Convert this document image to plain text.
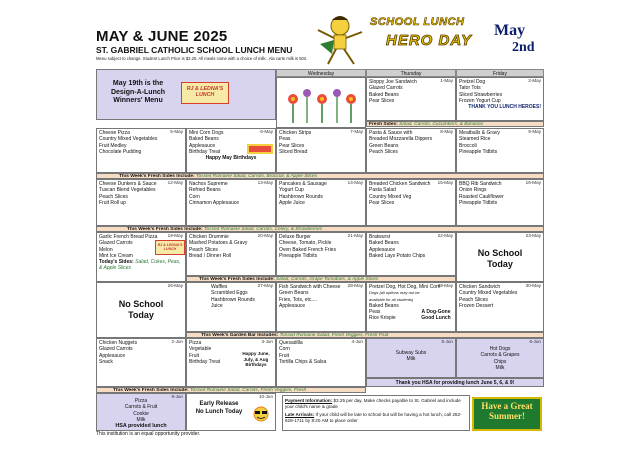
MAY & JUNE 2025
ST. GABRIEL CATHOLIC SCHOOL LUNCH MENU
Menu subject to change. Student Lunch Price is $3.25. All meals come with a choice of milk.. Ala carte milk is 50¢.
SCHOOL LUNCH
HERO DAY
May
2nd
Wednesday	Thursday	Friday
May 19th is the Design-A-Lunch Winners' Menu
RJ & LEDNA'S LUNCH
1-May
Sloppy Joe Sandwich
Glazed Carrots
Baked Beans
Pear Slices
2-May
Pretzel Dog
Tator Tots
Sliced Strawberries
Frozen Yogurt Cup
THANK YOU LUNCH HEROES!
Fresh Sides: Salad, Carrots, Cucumbers, & Bananas
5-May
Cheese Pizza
Country Mixed Vegetables
Fruit Medley
Chocolate Pudding
6-May
Mini Corn Dogs
Baked Beans
Applesauce
Birthday Treat
Happy May Birthdays
7-May
Chicken Strips
Peas
Pear Slices
Sliced Bread
8-May
Pasta & Sauce with
Breaded Mozzarella Dippers
Green Beans
Peach Slices
9-May
Meatballs & Gravy
Steamed Rice
Broccoli
Pineapple Tidbits
This Week's Fresh Sides Include: Tossed Romaine Salad, Carrots, Broccoli, & Apple Slices
12-May
Cheese Dunkers & Sauce
Tuscan Blend Vegetables
Peach Slices
Fruit Roll up
13-May
Nachos Supreme
Refried Beans
Corn
Cinnamon Applesauce
14-May
Pancakes & Sausage
Yogurt Cup
Hashbrown Rounds
Apple Juice
15-May
Breaded Chicken Sandwich
Pasta Salad
Country Mixed Veg
Pear Slices
16-May
BBQ Rib Sandwich
Onion Rings
Roasted Cauliflower
Pineapple Tidbits
This Week's Fresh Sides Include: Tossed Romaine Salad, Carrots, Celery, & Strawberries
19-May
Garlic French Bread Pizza
Glazed Carrots
Melon
Mint Ice Cream
Today's Sides: Salad, Cukes, Peas, & Apple Slices
RJ & LEDNA'S LUNCH
20-May
Chicken Drummie
Mashed Potatoes & Gravy
Peach Slices
Bread / Dinner Roll
21-May
Deluxe Burger
Cheese, Tomato, Pickle
Oven Baked French Fries
Pineapple Tidbits
22-May
Bratwurst
Baked Beans
Applesauce
Baked Lays Potato Chips
23-May
No School Today
This Week's Fresh Sides Include: Salad, Carrots, Grape Tomatoes, & Apple Slices
26-May
No School Today
27-May
Waffles
Scrambled Eggs
Hashbrown Rounds
Juice
28-May
Fish Sandwich with Cheese
Green Beans
Fries, Tots, etc....
Applesauce
29-May
Pretzel Dog, Hot Dog, Mini Corn
Dogs (all options may not be
available for all students)
Baked Beans
Peas
Rice Krispie
A Dog-Gone Good Lunch
30-May
Chicken Sandwich
Country Mixed Vegetables
Peach Slices
Frozen Dessert
This Week's Garden Bar Includes: Tossed Romaine Salad, Fresh Veggies, Fresh Fruit
2-Jun
Chicken Nuggets
Glazed Carrots
Applesauce
Snack
3-Jun
Pizza
Vegetable
Fruit
Birthday Treat
Happy June, July, & Aug Birthdays
4-Jun
Quesadilla
Corn
Fruit
Tortilla Chips & Salsa
5-Jun
Subway Subs
Milk
6-Jun
Hot Dogs
Carrots & Grapes
Chips
Milk
Thank you HSA for providing lunch June 5, 6, & 9!
This Week's Fresh Sides Include: Tossed Romaine Salad, Carrots, Fresh Veggies, Fresh
9-Jun
Pizza
Carrots & Fruit
Cookie
Milk
HSA provided lunch
10-Jun
Early Release
No Lunch Today
Payment Information: $3.25 per day. Make checks payable to St. Gabriel and include your child's name & grade
Late Arrivals: If your child will be late to school but will be having a hot lunch, call 262-628-1711 by 8:20 AM to place order
Have a Great Summer!
This institution is an equal opportunity provider.
